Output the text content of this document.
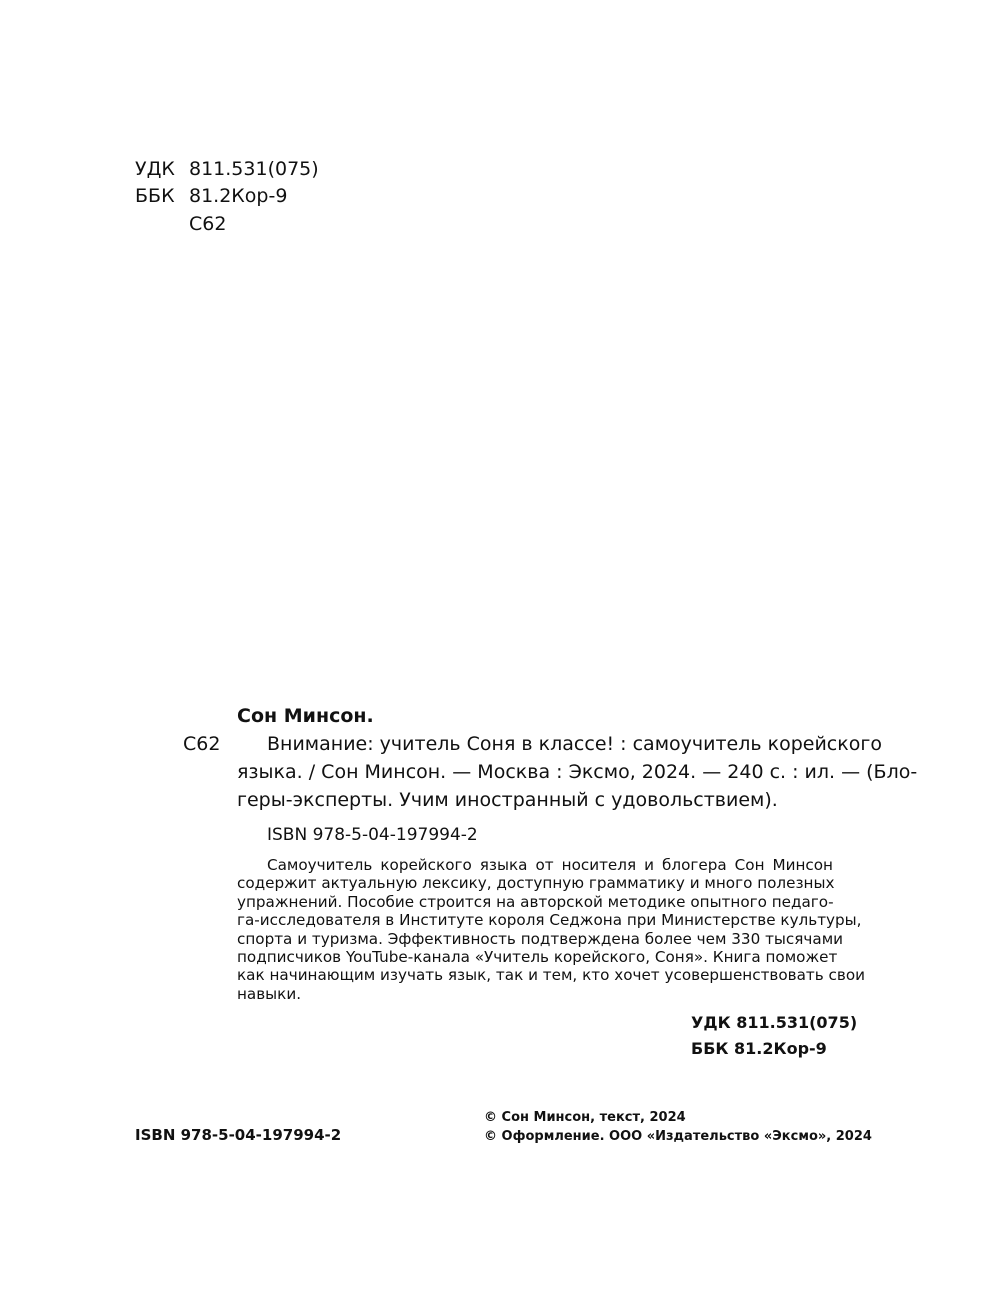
УДК 811.531(075)
ББК 81.2Кор-9
С62
Сон Минсон.
С62	Внимание: учитель Соня в классе! : самоучитель корейского
языка. / Сон Минсон. — Москва : Эксмо, 2024. — 240 с. : ил. — (Бло-
геры-эксперты. Учим иностранный с удовольствием).
ISBN 978-5-04-197994-2
Самоучитель корейского языка от носителя и блогера Сон Минсон
содержит актуальную лексику, доступную грамматику и много полезных
упражнений. Пособие строится на авторской методике опытного педаго-
га-исследователя в Институте короля Седжона при Министерстве культуры,
спорта и туризма. Эффективность подтверждена более чем 330 тысячами
подписчиков YouTube-канала «Учитель корейского, Соня». Книга поможет
как начинающим изучать язык, так и тем, кто хочет усовершенствовать свои
навыки.
УДК 811.531(075)
ББК 81.2Кор-9
ISBN 978-5-04-197994-2
© Сон Минсон, текст, 2024
© Оформление. ООО «Издательство «Эксмо», 2024
